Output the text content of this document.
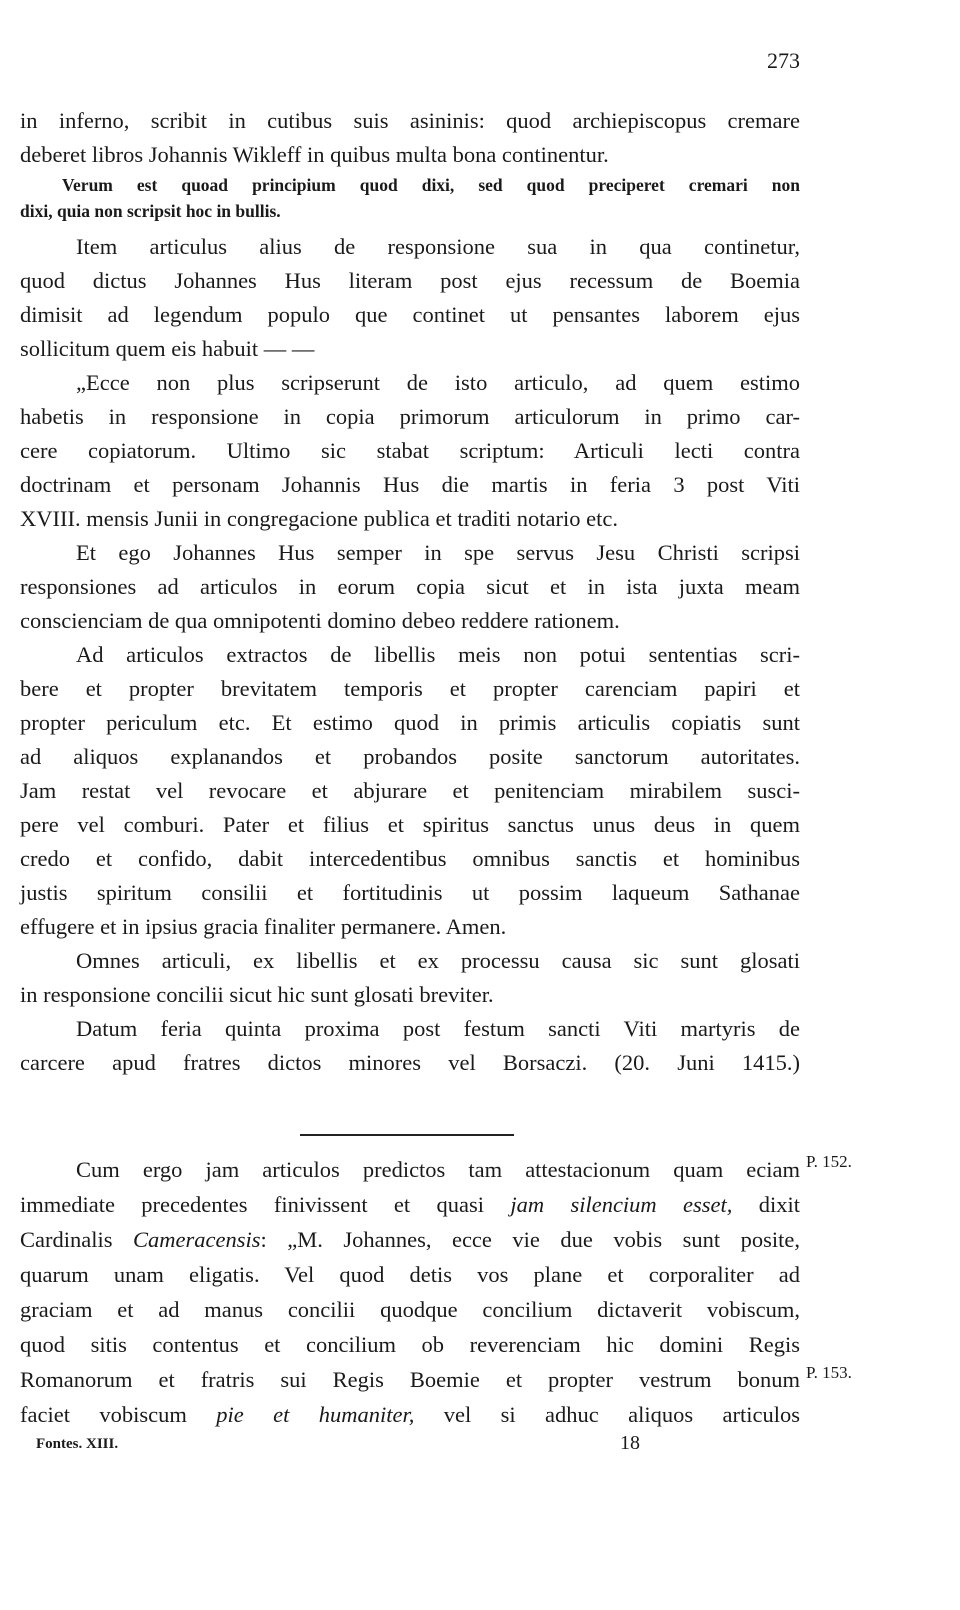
273
in inferno, scribit in cutibus suis asininis: quod archiepiscopus cremare
deberet libros Johannis Wikleff in quibus multa bona continentur.
Verum est quoad principium quod dixi, sed quod preciperet cremari non
dixi, quia non scripsit hoc in bullis.
Item articulus alius de responsione sua in qua continetur,
quod dictus Johannes Hus literam post ejus recessum de Boemia
dimisit ad legendum populo que continet ut pensantes laborem ejus
sollicitum quem eis habuit — —
„Ecce non plus scripserunt de isto articulo, ad quem estimo
habetis in responsione in copia primorum articulorum in primo car-
cere copiatorum. Ultimo sic stabat scriptum: Articuli lecti contra
doctrinam et personam Johannis Hus die martis in feria 3 post Viti
XVIII. mensis Junii in congregacione publica et traditi notario etc.
Et ego Johannes Hus semper in spe servus Jesu Christi scripsi
responsiones ad articulos in eorum copia sicut et in ista juxta meam
conscienciam de qua omnipotenti domino debeo reddere rationem.
Ad articulos extractos de libellis meis non potui sententias scri-
bere et propter brevitatem temporis et propter carenciam papiri et
propter periculum etc. Et estimo quod in primis articulis copiatis sunt
ad aliquos explanandos et probandos posite sanctorum autoritates.
Jam restat vel revocare et abjurare et penitenciam mirabilem susci-
pere vel comburi. Pater et filius et spiritus sanctus unus deus in quem
credo et confido, dabit intercedentibus omnibus sanctis et hominibus
justis spiritum consilii et fortitudinis ut possim laqueum Sathanae
effugere et in ipsius gracia finaliter permanere. Amen.
Omnes articuli, ex libellis et ex processu causa sic sunt glosati
in responsione concilii sicut hic sunt glosati breviter.
Datum feria quinta proxima post festum sancti Viti martyris de
carcere apud fratres dictos minores vel Borsaczi. (20. Juni 1415.)
Cum ergo jam articulos predictos tam attestacionum quam eciam
immediate precedentes finivissent et quasi jam silencium esset, dixit
Cardinalis Cameracensis: „M. Johannes, ecce vie due vobis sunt posite,
quarum unam eligatis. Vel quod detis vos plane et corporaliter ad
graciam et ad manus concilii quodque concilium dictaverit vobiscum,
quod sitis contentus et concilium ob reverenciam hic domini Regis
Romanorum et fratris sui Regis Boemie et propter vestrum bonum
faciet vobiscum pie et humaniter, vel si adhuc aliquos articulos
P. 152.
P. 153.
Fontes. XIII.	18
